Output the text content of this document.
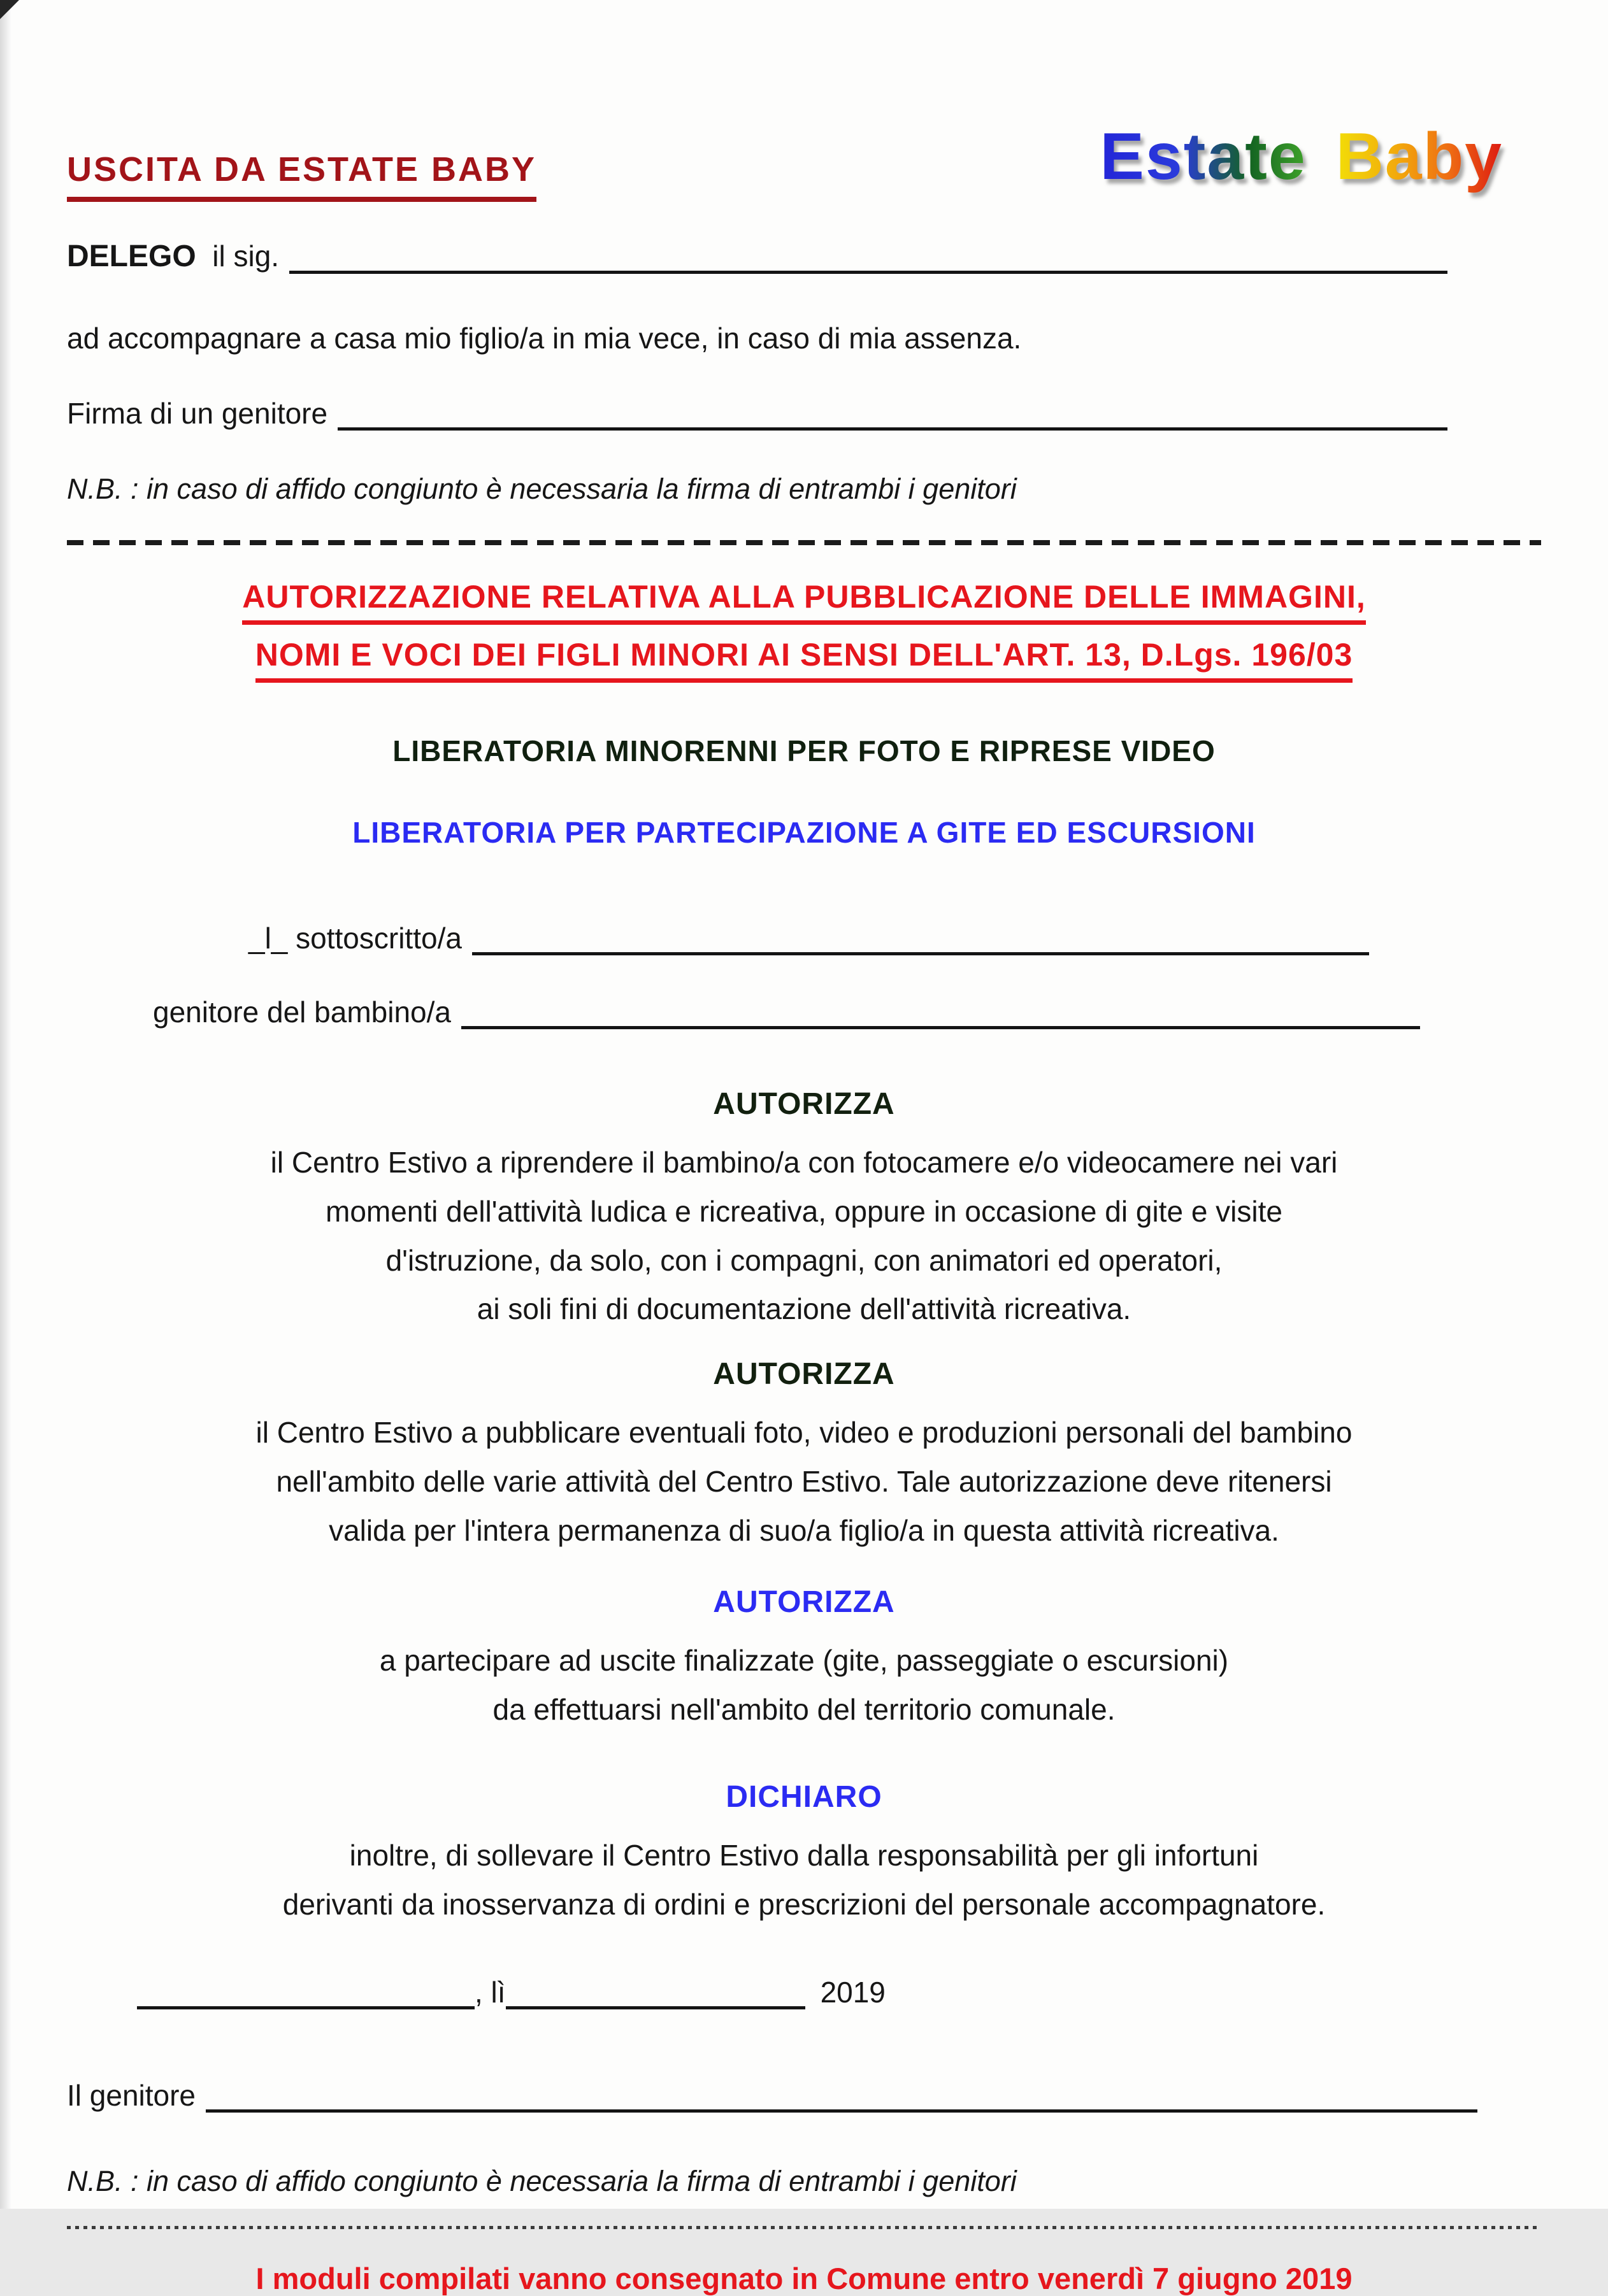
USCITA DA ESTATE BABY	Estate Baby
DELEGO il sig.
ad accompagnare a casa mio figlio/a in mia vece, in caso di mia assenza.
Firma di un genitore
N.B. : in caso di affido congiunto è necessaria la firma di entrambi i genitori
AUTORIZZAZIONE RELATIVA ALLA PUBBLICAZIONE DELLE IMMAGINI,
NOMI E VOCI DEI FIGLI MINORI AI SENSI DELL'ART. 13, D.Lgs. 196/03
LIBERATORIA MINORENNI PER FOTO E RIPRESE VIDEO
LIBERATORIA PER PARTECIPAZIONE A GITE ED ESCURSIONI
_l_ sottoscritto/a
genitore del bambino/a
AUTORIZZA
il Centro Estivo a riprendere il bambino/a con fotocamere e/o videocamere nei vari
momenti dell'attività ludica e ricreativa, oppure in occasione di gite e visite
d'istruzione, da solo, con i compagni, con animatori ed operatori,
ai soli fini di documentazione dell'attività ricreativa.
AUTORIZZA
il Centro Estivo a pubblicare eventuali foto, video e produzioni personali del bambino
nell'ambito delle varie attività del Centro Estivo. Tale autorizzazione deve ritenersi
valida per l'intera permanenza di suo/a figlio/a in questa attività ricreativa.
AUTORIZZA
a partecipare ad uscite finalizzate (gite, passeggiate o escursioni)
da effettuarsi nell'ambito del territorio comunale.
DICHIARO
inoltre, di sollevare il Centro Estivo dalla responsabilità per gli infortuni
derivanti da inosservanza di ordini e prescrizioni del personale accompagnatore.
, lì	2019
Il genitore
N.B. : in caso di affido congiunto è necessaria la firma di entrambi i genitori
I moduli compilati vanno consegnato in Comune entro venerdì 7 giugno 2019
